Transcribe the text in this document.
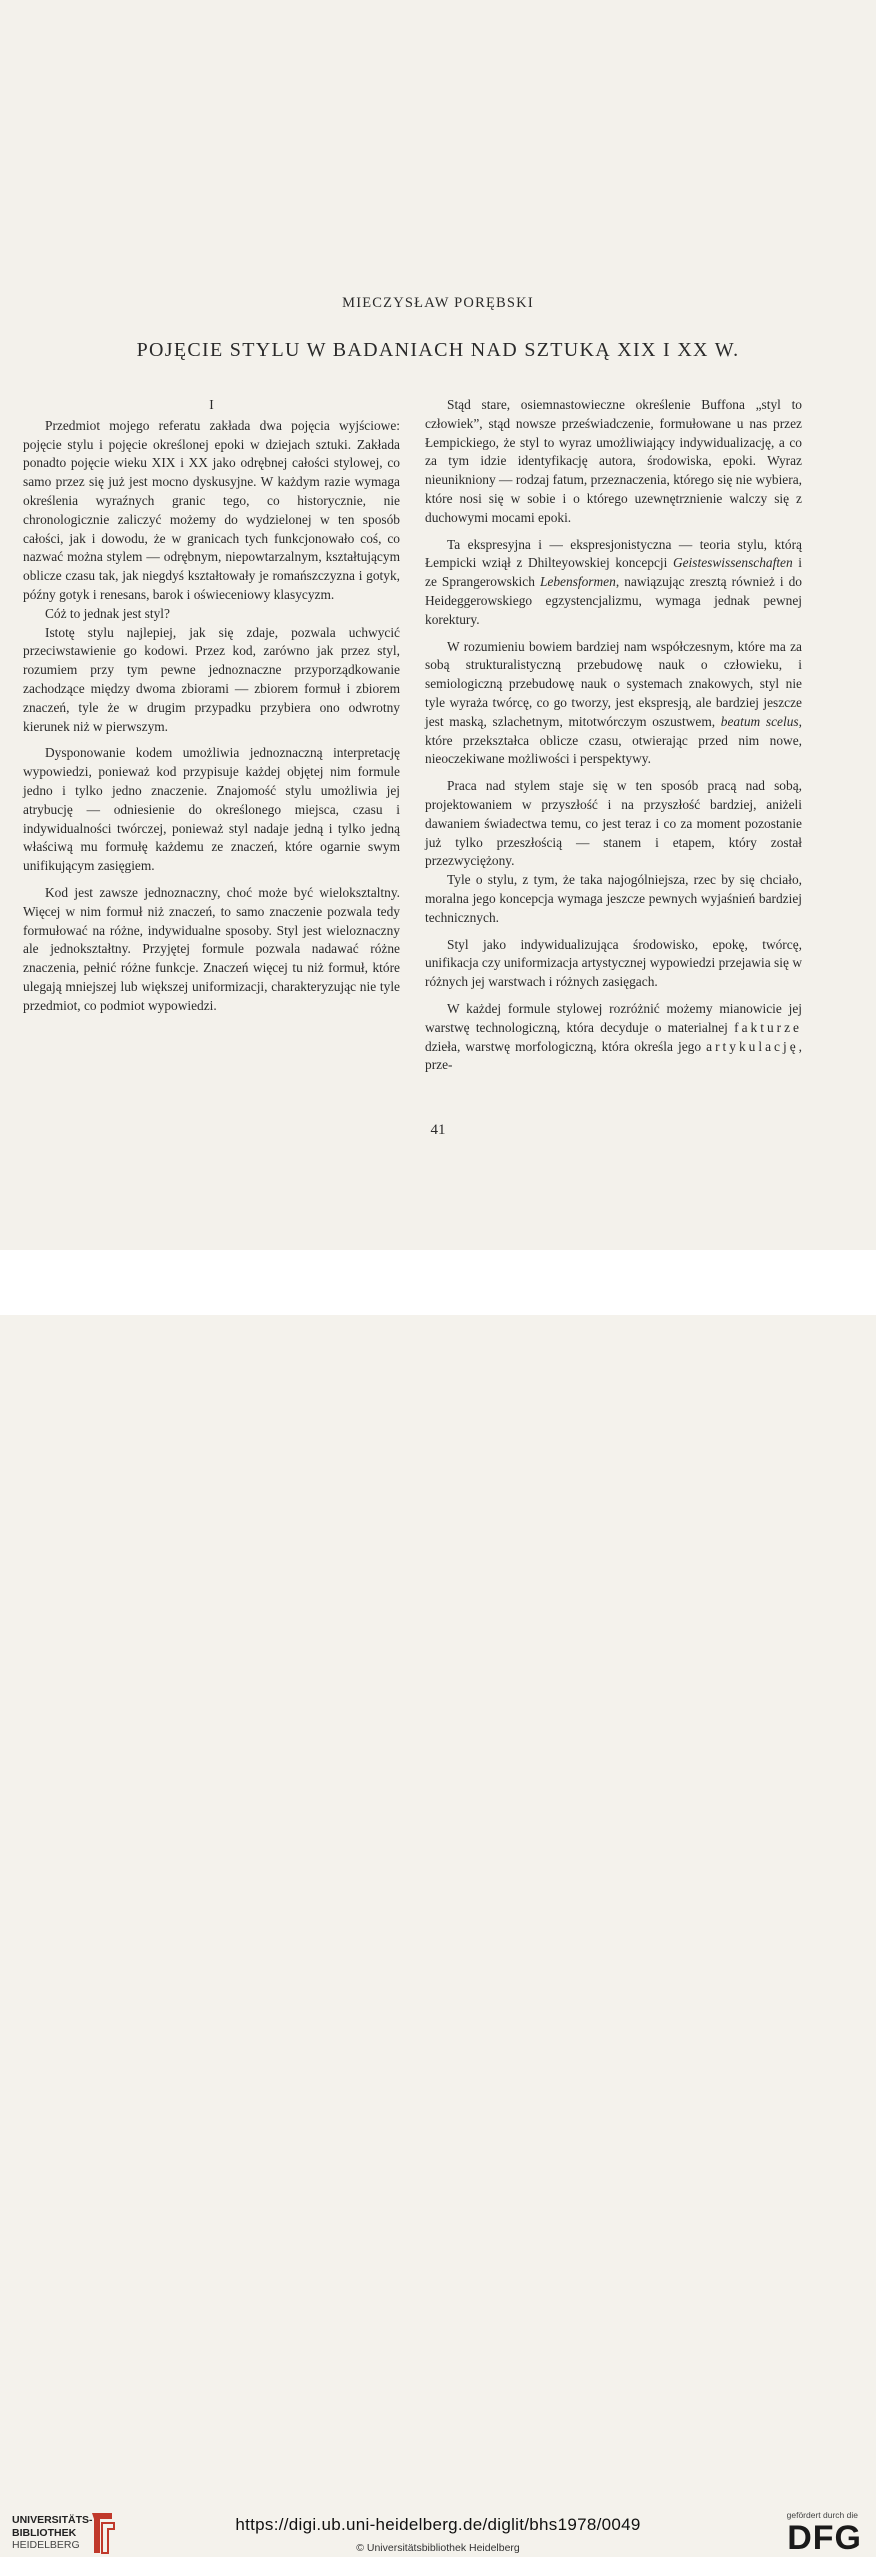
MIECZYSŁAW PORĘBSKI
POJĘCIE STYLU W BADANIACH NAD SZTUKĄ XIX I XX W.
I

Przedmiot mojego referatu zakłada dwa pojęcia wyjściowe: pojęcie stylu i pojęcie określonej epoki w dziejach sztuki. Zakłada ponadto pojęcie wieku XIX i XX jako odrębnej całości stylowej, co samo przez się już jest mocno dyskusyjne. W każdym razie wymaga określenia wyraźnych granic tego, co historycznie, nie chronologicznie zaliczyć możemy do wydzielonej w ten sposób całości, jak i dowodu, że w granicach tych funkcjonowało coś, co nazwać można stylem — odrębnym, niepowtarzalnym, kształtującym oblicze czasu tak, jak niegdyś kształtowały je romańszczyzna i gotyk, późny gotyk i renesans, barok i oświeceniowy klasycyzm.

Cóż to jednak jest styl?

Istotę stylu najlepiej, jak się zdaje, pozwala uchwycić przeciwstawienie go kodowi. Przez kod, zarówno jak przez styl, rozumiem przy tym pewne jednoznaczne przyporządkowanie zachodzące między dwoma zbiorami — zbiorem formuł i zbiorem znaczeń, tyle że w drugim przypadku przybiera ono odwrotny kierunek niż w pierwszym.

Dysponowanie kodem umożliwia jednoznaczną interpretację wypowiedzi, ponieważ kod przypisuje każdej objętej nim formule jedno i tylko jedno znaczenie. Znajomość stylu umożliwia jej atrybucję — odniesienie do określonego miejsca, czasu i indywidualności twórczej, ponieważ styl nadaje jedną i tylko jedną właściwą mu formułę każdemu ze znaczeń, które ogarnie swym unifikującym zasięgiem.

Kod jest zawsze jednoznaczny, choć może być wieloksztaltny. Więcej w nim formuł niż znaczeń, to samo znaczenie pozwala tedy formułować na różne, indywidualne sposoby. Styl jest wieloznaczny ale jednokształtny. Przyjętej formule pozwala nadawać różne znaczenia, pełnić różne funkcje. Znaczeń więcej tu niż formuł, które ulegają mniejszej lub większej uniformizacji, charakteryzując nie tyle przedmiot, co podmiot wypowiedzi.

Stąd stare, osiemnastowieczne określenie Buffona „styl to człowiek”, stąd nowsze przeświadczenie, formułowane u nas przez Łempickiego, że styl to wyraz umożliwiający indywidualizację, a co za tym idzie identyfikację autora, środowiska, epoki. Wyraz nieunikniony — rodzaj fatum, przeznaczenia, którego się nie wybiera, które nosi się w sobie i o którego uzewnętrznienie walczy się z duchowymi mocami epoki.

Ta ekspresyjna i — ekspresjonistyczna — teoria stylu, którą Łempicki wziął z Dhilteyowskiej koncepcji Geisteswissenschaften i ze Sprangerowskich Lebensformen, nawiązując zresztą również i do Heideggerowskiego egzystencjalizmu, wymaga jednak pewnej korektury.

W rozumieniu bowiem bardziej nam współczesnym, które ma za sobą strukturalistyczną przebudowę nauk o człowieku, i semiologiczną przebudowę nauk o systemach znakowych, styl nie tyle wyraża twórcę, co go tworzy, jest ekspresją, ale bardziej jeszcze jest maską, szlachetnym, mitotwórczym oszustwem, beatum scelus, które przekształca oblicze czasu, otwierając przed nim nowe, nieoczekiwane możliwości i perspektywy.

Praca nad stylem staje się w ten sposób pracą nad sobą, projektowaniem w przyszłość i na przyszłość bardziej, aniżeli dawaniem świadectwa temu, co jest teraz i co za moment pozostanie już tylko przeszłością — stanem i etapem, który został przezwyciężony.

Tyle o stylu, z tym, że taka najogólniejsza, rzec by się chciało, moralna jego koncepcja wymaga jeszcze pewnych wyjaśnień bardziej technicznych.

Styl jako indywidualizująca środowisko, epokę, twórcę, unifikacja czy uniformizacja artystycznej wypowiedzi przejawia się w różnych jej warstwach i różnych zasięgach.

W każdej formule stylowej rozróżnić możemy mianowicie jej warstwę technologiczną, która decyduje o materialnej fakturze dzieła, warstwę morfologiczną, która określa jego artykulację, prze-

41
UNIVERSITÄTS-
BIBLIOTHEK
HEIDELBERG
https://digi.ub.uni-heidelberg.de/diglit/bhs1978/0049
© Universitätsbibliothek Heidelberg
gefördert durch die
DFG
